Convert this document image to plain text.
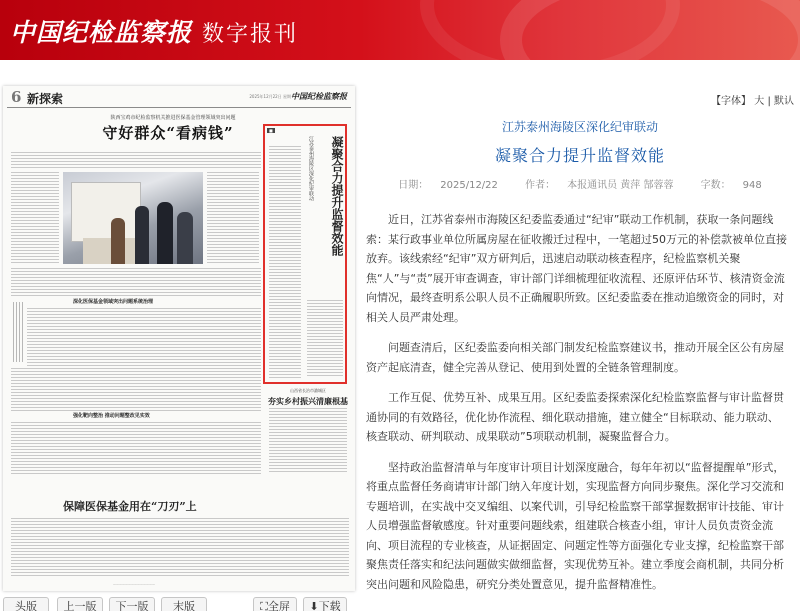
中国纪检监察报 数字报刊
6 新探索	2025年12月22日 星期一
中国纪检监察报
陕西宝鸡市纪检监察机关推进医保基金管理领域突出问题
守好群众“看病钱”
深化医保基金领域突出问题系统治理
强化靶向整治 推动问题整改见实效
■
江苏泰州海陵区深化纪审联动	凝聚合力提升监督效能
山西省长治市潞城区
夯实乡村振兴清廉根基
保障医保基金用在“刀刃”上
——————————————
头版	上一版	下一版	末版	⛶全屏	⬇下载
【字体】 大 | 默认
江苏泰州海陵区深化纪审联动
凝聚合力提升监督效能
日期： 2025/12/22	作者： 本报通讯员 黄萍 郜蓉蓉	字数： 948

近日，江苏省泰州市海陵区纪委监委通过“纪审”联动工作机制，获取一条问题线索：某行政事业单位所属房屋在征收搬迁过程中，一笔超过50万元的补偿款被单位直接放弃。该线索经“纪审”双方研判后，迅速启动联动核查程序，纪检监察机关聚焦“人”与“责”展开审查调查，审计部门详细梳理征收流程、还原评估环节、核清资金流向情况，最终查明系公职人员不正确履职所致。区纪委监委在推动追缴资金的同时，对相关人员严肃处理。

问题查清后，区纪委监委向相关部门制发纪检监察建议书，推动开展全区公有房屋资产起底清查，健全完善从登记、使用到处置的全链条管理制度。

工作互促、优势互补、成果互用。区纪委监委探索深化纪检监察监督与审计监督贯通协同的有效路径，优化协作流程、细化联动措施，建立健全“目标联动、能力联动、核查联动、研判联动、成果联动”5项联动机制，凝聚监督合力。

坚持政治监督清单与年度审计项目计划深度融合，每年年初以“监督提醒单”形式，将重点监督任务商请审计部门纳入年度计划，实现监督方向同步聚焦。深化学习交流和专题培训，在实战中交叉编组、以案代训，引导纪检监察干部掌握数据审计技能、审计人员增强监督敏感度。针对重要问题线索，组建联合核查小组，审计人员负责资金流向、项目流程的专业核查，从证据固定、问题定性等方面强化专业支撑，纪检监察干部聚焦责任落实和纪法问题做实做细监督，实现优势互补。建立季度会商机制，共同分析突出问题和风险隐患，研究分类处置意见，提升监督精准性。
